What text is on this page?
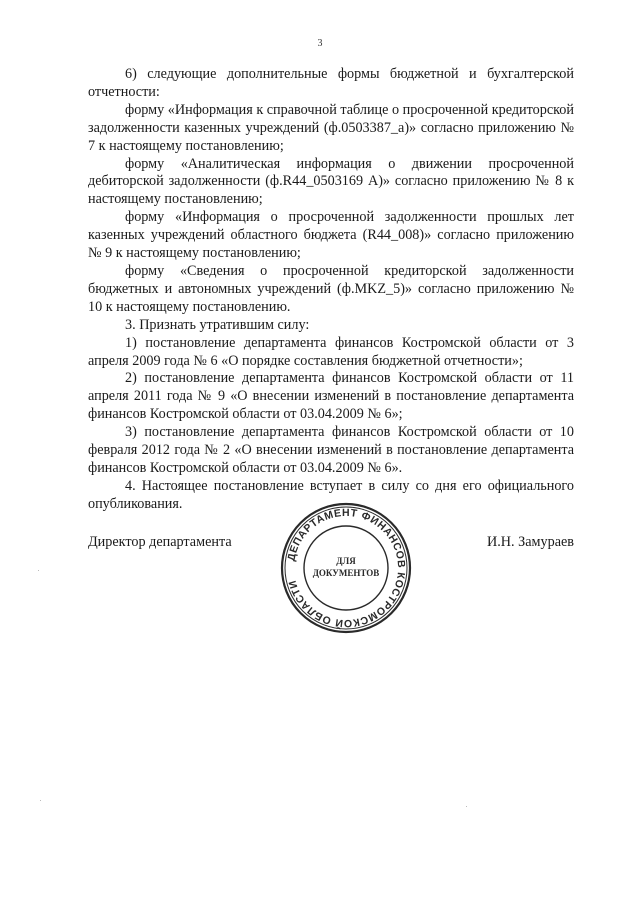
3

6) следующие дополнительные формы бюджетной и бухгалтерской отчетности:

форму «Информация к справочной таблице о просроченной кредиторской задолженности казенных учреждений (ф.0503387_а)» согласно приложению № 7 к настоящему постановлению;

форму «Аналитическая информация о движении просроченной дебиторской задолженности (ф.R44_0503169 А)» согласно приложению № 8 к настоящему постановлению;

форму «Информация о просроченной задолженности прошлых лет казенных учреждений областного бюджета (R44_008)» согласно приложению № 9 к настоящему постановлению;

форму «Сведения о просроченной кредиторской задолженности бюджетных и автономных учреждений (ф.MKZ_5)» согласно приложению № 10 к настоящему постановлению.

3. Признать утратившим силу:

1) постановление департамента финансов Костромской области от 3 апреля 2009 года № 6 «О порядке составления бюджетной отчетности»;

2) постановление департамента финансов Костромской области от 11 апреля 2011 года № 9 «О внесении изменений в постановление департамента финансов Костромской области от 03.04.2009 № 6»;

3) постановление департамента финансов Костромской области от 10 февраля 2012 года № 2 «О внесении изменений в постановление департамента финансов Костромской области от 03.04.2009 № 6».

4. Настоящее постановление вступает в силу со дня его официального опубликования.

Директор департамента
ДЕПАРТАМЕНТ ФИНАНСОВ КОСТРОМСКОЙ ОБЛАСТИ
ДЛЯ
ДОКУМЕНТОВ
И.Н. Замураев
